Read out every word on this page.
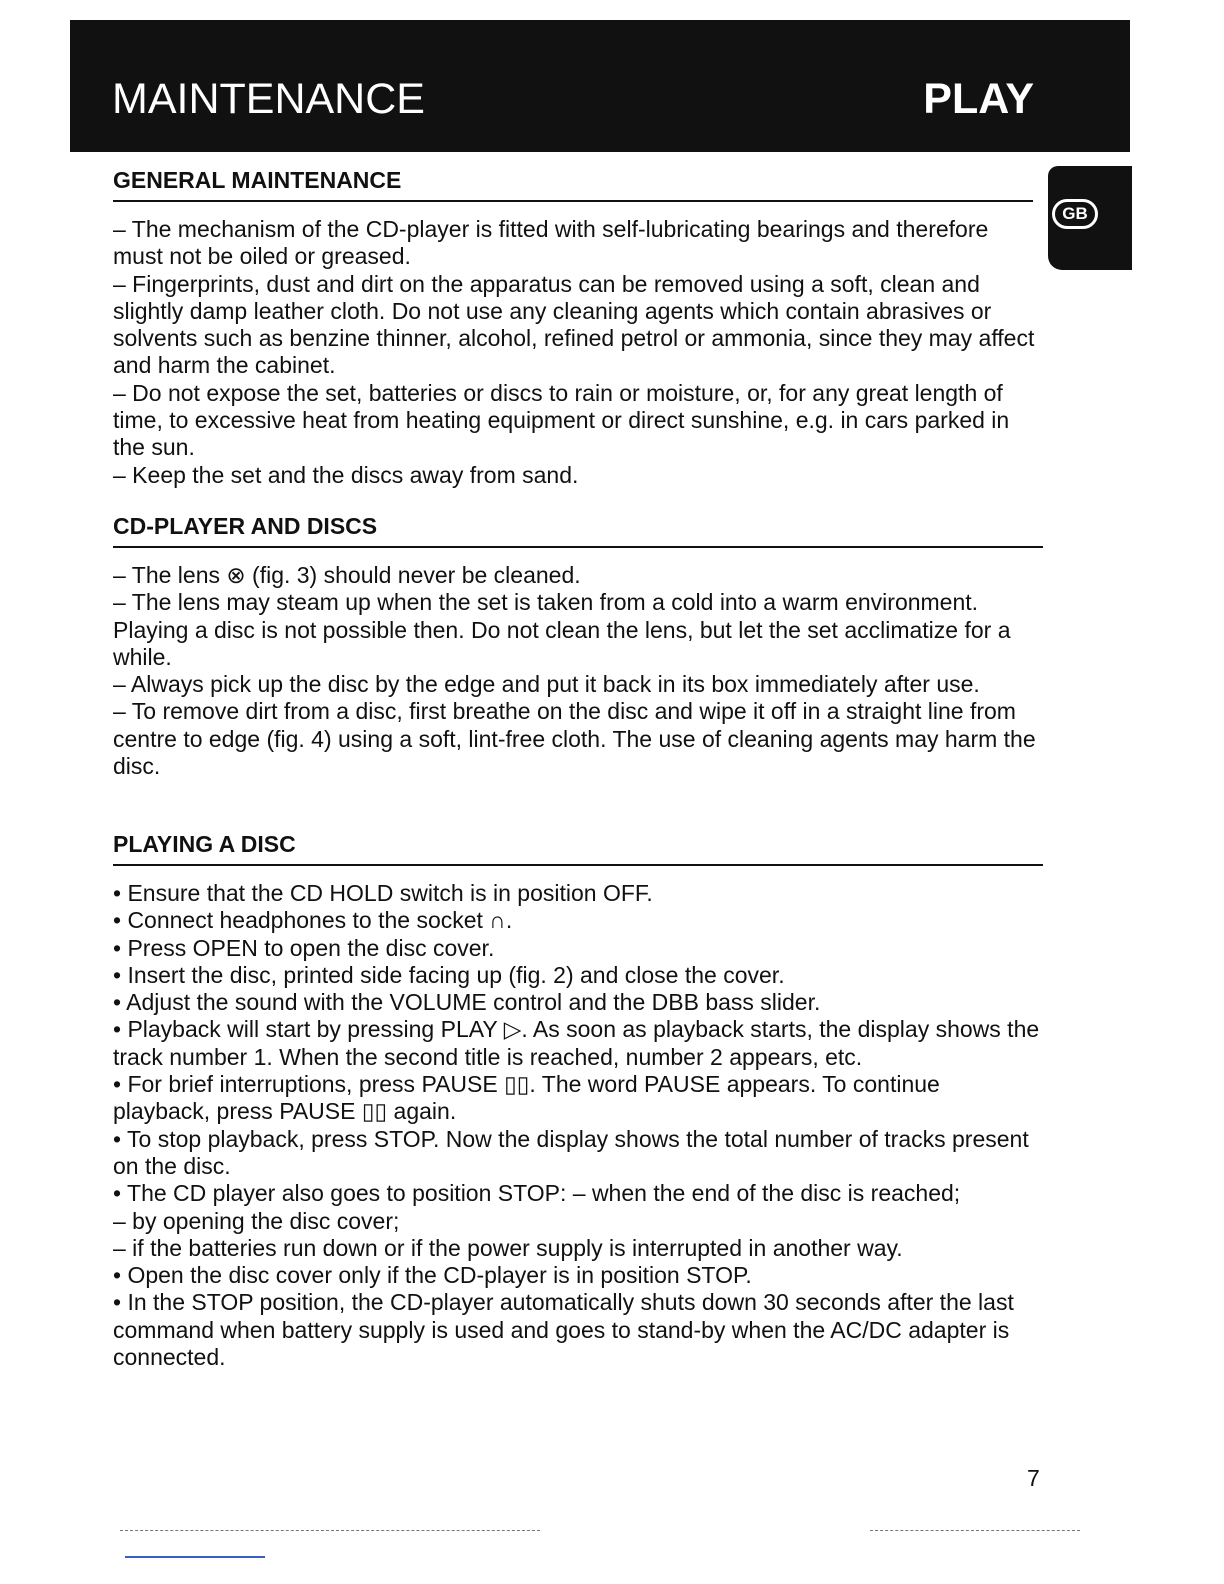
MAINTENANCE	PLAY
GB
GENERAL MAINTENANCE

– The mechanism of the CD-player is fitted with self-lubricating bearings and therefore must not be oiled or greased.

– Fingerprints, dust and dirt on the apparatus can be removed using a soft, clean and slightly damp leather cloth. Do not use any cleaning agents which contain abrasives or solvents such as benzine thinner, alcohol, refined petrol or ammonia, since they may affect and harm the cabinet.

– Do not expose the set, batteries or discs to rain or moisture, or, for any great length of time, to excessive heat from heating equipment or direct sunshine, e.g. in cars parked in the sun.

– Keep the set and the discs away from sand.

CD-PLAYER AND DISCS

– The lens ⊗ (fig. 3) should never be cleaned.

– The lens may steam up when the set is taken from a cold into a warm environment. Playing a disc is not possible then. Do not clean the lens, but let the set acclimatize for a while.

– Always pick up the disc by the edge and put it back in its box immediately after use.

– To remove dirt from a disc, first breathe on the disc and wipe it off in a straight line from centre to edge (fig. 4) using a soft, lint-free cloth. The use of cleaning agents may harm the disc.

PLAYING A DISC

• Ensure that the CD HOLD switch is in position OFF.

• Connect headphones to the socket ∩.

• Press OPEN to open the disc cover.

• Insert the disc, printed side facing up (fig. 2) and close the cover.

• Adjust the sound with the VOLUME control and the DBB bass slider.

• Playback will start by pressing PLAY ▷. As soon as playback starts, the display shows the track number 1. When the second title is reached, number 2 appears, etc.

• For brief interruptions, press PAUSE ▯▯. The word PAUSE appears. To continue playback, press PAUSE ▯▯ again.

• To stop playback, press STOP. Now the display shows the total number of tracks present on the disc.

• The CD player also goes to position STOP: – when the end of the disc is reached;

– by opening the disc cover;

– if the batteries run down or if the power supply is interrupted in another way.

• Open the disc cover only if the CD-player is in position STOP.

• In the STOP position, the CD-player automatically shuts down 30 seconds after the last command when battery supply is used and goes to stand-by when the AC/DC adapter is connected.

7
